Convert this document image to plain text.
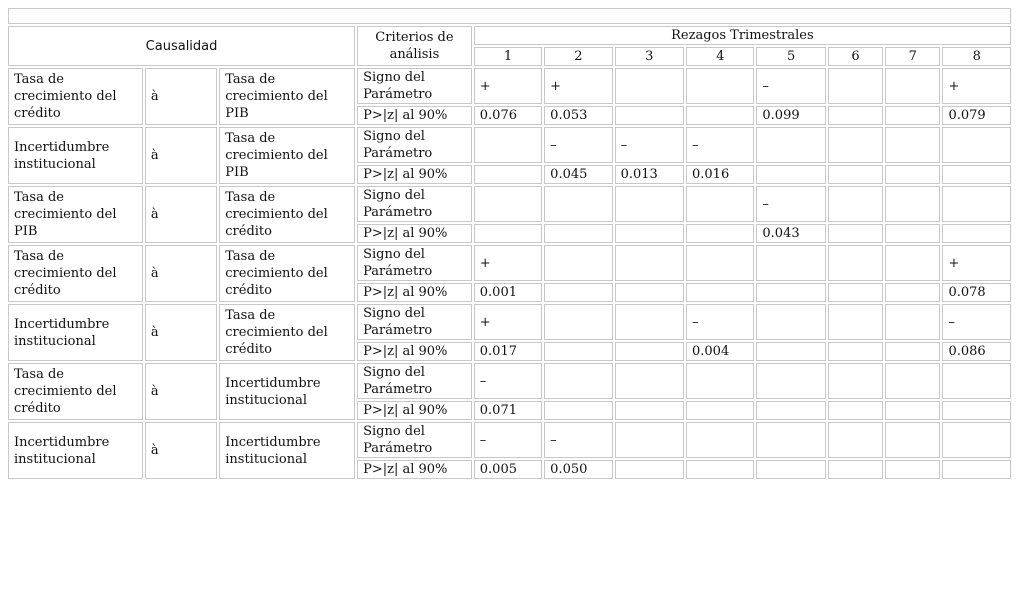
Causalidad			Criterios de análisis	Rezagos Trimestrales							
				1	2	3	4	5	6	7	8
Tasa de crecimiento del crédito	à	Tasa de crecimiento del PIB	Signo del Parámetro	+	+			–			+
			P>|z| al 90%	0.076	0.053			0.099			0.079
Incertidumbre institucional	à	Tasa de crecimiento del PIB	Signo del Parámetro		–	–	–				
			P>|z| al 90%		0.045	0.013	0.016				
Tasa de crecimiento del PIB	à	Tasa de crecimiento del crédito	Signo del Parámetro					–			
			P>|z| al 90%					0.043			
Tasa de crecimiento del crédito	à	Tasa de crecimiento del crédito	Signo del Parámetro	+							+
			P>|z| al 90%	0.001							0.078
Incertidumbre institucional	à	Tasa de crecimiento del crédito	Signo del Parámetro	+			–				–
			P>|z| al 90%	0.017			0.004				0.086
Tasa de crecimiento del crédito	à	Incertidumbre institucional	Signo del Parámetro	–							
			P>|z| al 90%	0.071							
Incertidumbre institucional	à	Incertidumbre institucional	Signo del Parámetro	–	–						
			P>|z| al 90%	0.005	0.050						
